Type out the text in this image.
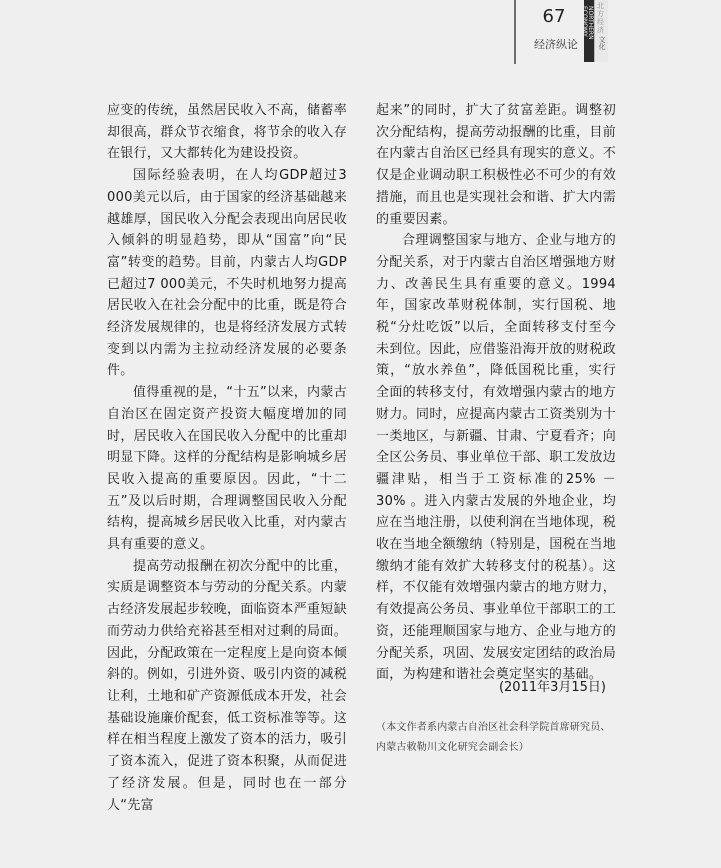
67
经济纵论
北方经济
NORTHERN ECONOMY
文化

应变的传统，虽然居民收入不高，储蓄率却很高，群众节衣缩食，将节余的收入存在银行，又大都转化为建设投资。

国际经验表明，在人均GDP超过3 000美元以后，由于国家的经济基础越来越雄厚，国民收入分配会表现出向居民收入倾斜的明显趋势，即从“国富”向“民富”转变的趋势。目前，内蒙古人均GDP已超过7 000美元，不失时机地努力提高居民收入在社会分配中的比重，既是符合经济发展规律的，也是将经济发展方式转变到以内需为主拉动经济发展的必要条件。

值得重视的是，“十五”以来，内蒙古自治区在固定资产投资大幅度增加的同时，居民收入在国民收入分配中的比重却明显下降。这样的分配结构是影响城乡居民收入提高的重要原因。因此，“十二五”及以后时期，合理调整国民收入分配结构，提高城乡居民收入比重，对内蒙古具有重要的意义。

提高劳动报酬在初次分配中的比重，实质是调整资本与劳动的分配关系。内蒙古经济发展起步较晚，面临资本严重短缺而劳动力供给充裕甚至相对过剩的局面。因此，分配政策在一定程度上是向资本倾斜的。例如，引进外资、吸引内资的减税让利，土地和矿产资源低成本开发，社会基础设施廉价配套，低工资标准等等。这样在相当程度上激发了资本的活力，吸引了资本流入，促进了资本积聚，从而促进了经济发展。但是，同时也在一部分人“先富

起来”的同时，扩大了贫富差距。调整初次分配结构，提高劳动报酬的比重，目前在内蒙古自治区已经具有现实的意义。不仅是企业调动职工积极性必不可少的有效措施，而且也是实现社会和谐、扩大内需的重要因素。

合理调整国家与地方、企业与地方的分配关系，对于内蒙古自治区增强地方财力、改善民生具有重要的意义。1994年，国家改革财税体制，实行国税、地税“分灶吃饭”以后，全面转移支付至今未到位。因此，应借鉴沿海开放的财税政策，“放水养鱼”，降低国税比重，实行全面的转移支付，有效增强内蒙古的地方财力。同时，应提高内蒙古工资类别为十一类地区，与新疆、甘肃、宁夏看齐；向全区公务员、事业单位干部、职工发放边疆津贴，相当于工资标准的25% － 30% 。进入内蒙古发展的外地企业，均应在当地注册，以使利润在当地体现，税收在当地全额缴纳（特别是，国税在当地缴纳才能有效扩大转移支付的税基）。这样，不仅能有效增强内蒙古的地方财力，有效提高公务员、事业单位干部职工的工资，还能理顺国家与地方、企业与地方的分配关系，巩固、发展安定团结的政治局面，为构建和谐社会奠定坚实的基础。

(2011年3月15日)
（本文作者系内蒙古自治区社会科学院首席研究员、内蒙古敕勒川文化研究会副会长）
